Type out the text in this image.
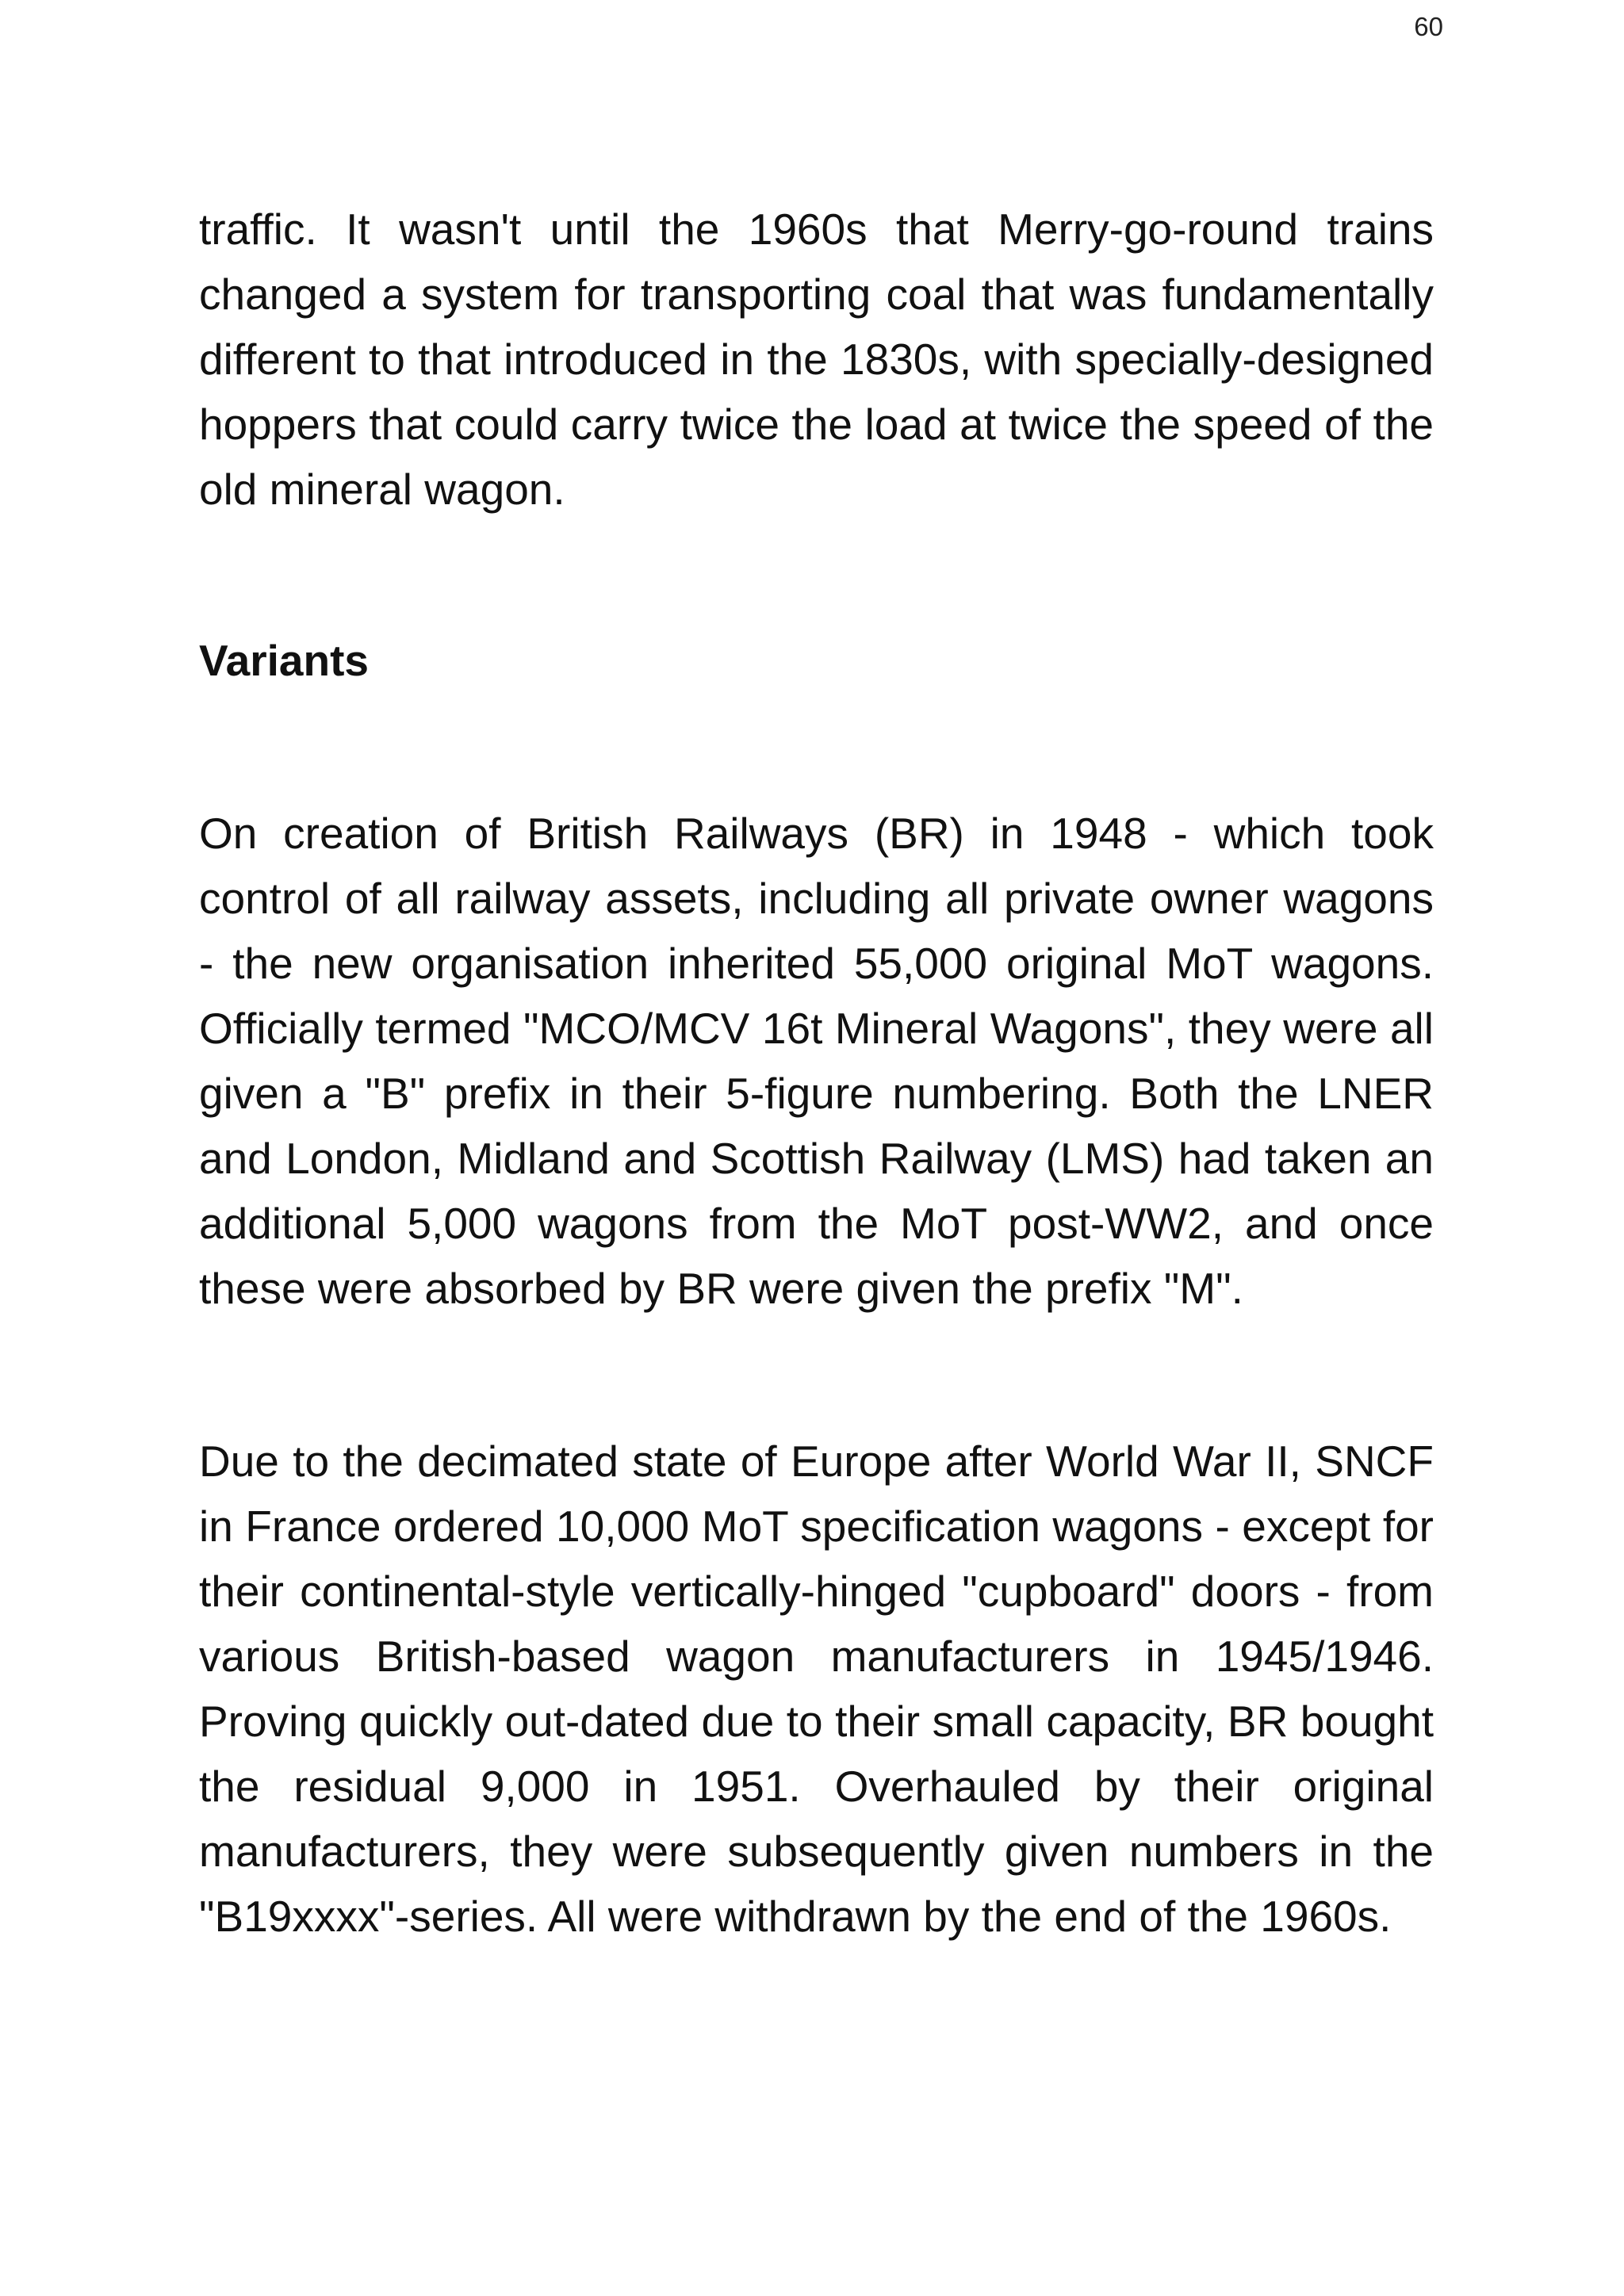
60

traffic. It wasn't until the 1960s that Merry-go-round trains changed a system for transporting coal that was fundamentally different to that introduced in the 1830s, with specially-designed hoppers that could carry twice the load at twice the speed of the old mineral wagon.

Variants

On creation of British Railways (BR) in 1948 - which took control of all railway assets, including all private owner wagons - the new organisation inherited 55,000 original MoT wagons. Officially termed "MCO/MCV 16t Mineral Wagons", they were all given a "B" prefix in their 5-figure numbering. Both the LNER and London, Midland and Scottish Railway (LMS) had taken an additional 5,000 wagons from the MoT post-WW2, and once these were absorbed by BR were given the prefix "M".

Due to the decimated state of Europe after World War II, SNCF in France ordered 10,000 MoT specification wagons - except for their continental-style vertically-hinged "cupboard" doors - from various British-based wagon manufacturers in 1945/1946. Proving quickly out-dated due to their small capacity, BR bought the residual 9,000 in 1951. Overhauled by their original manufacturers, they were subsequently given numbers in the "B19xxxx"-series. All were withdrawn by the end of the 1960s.
